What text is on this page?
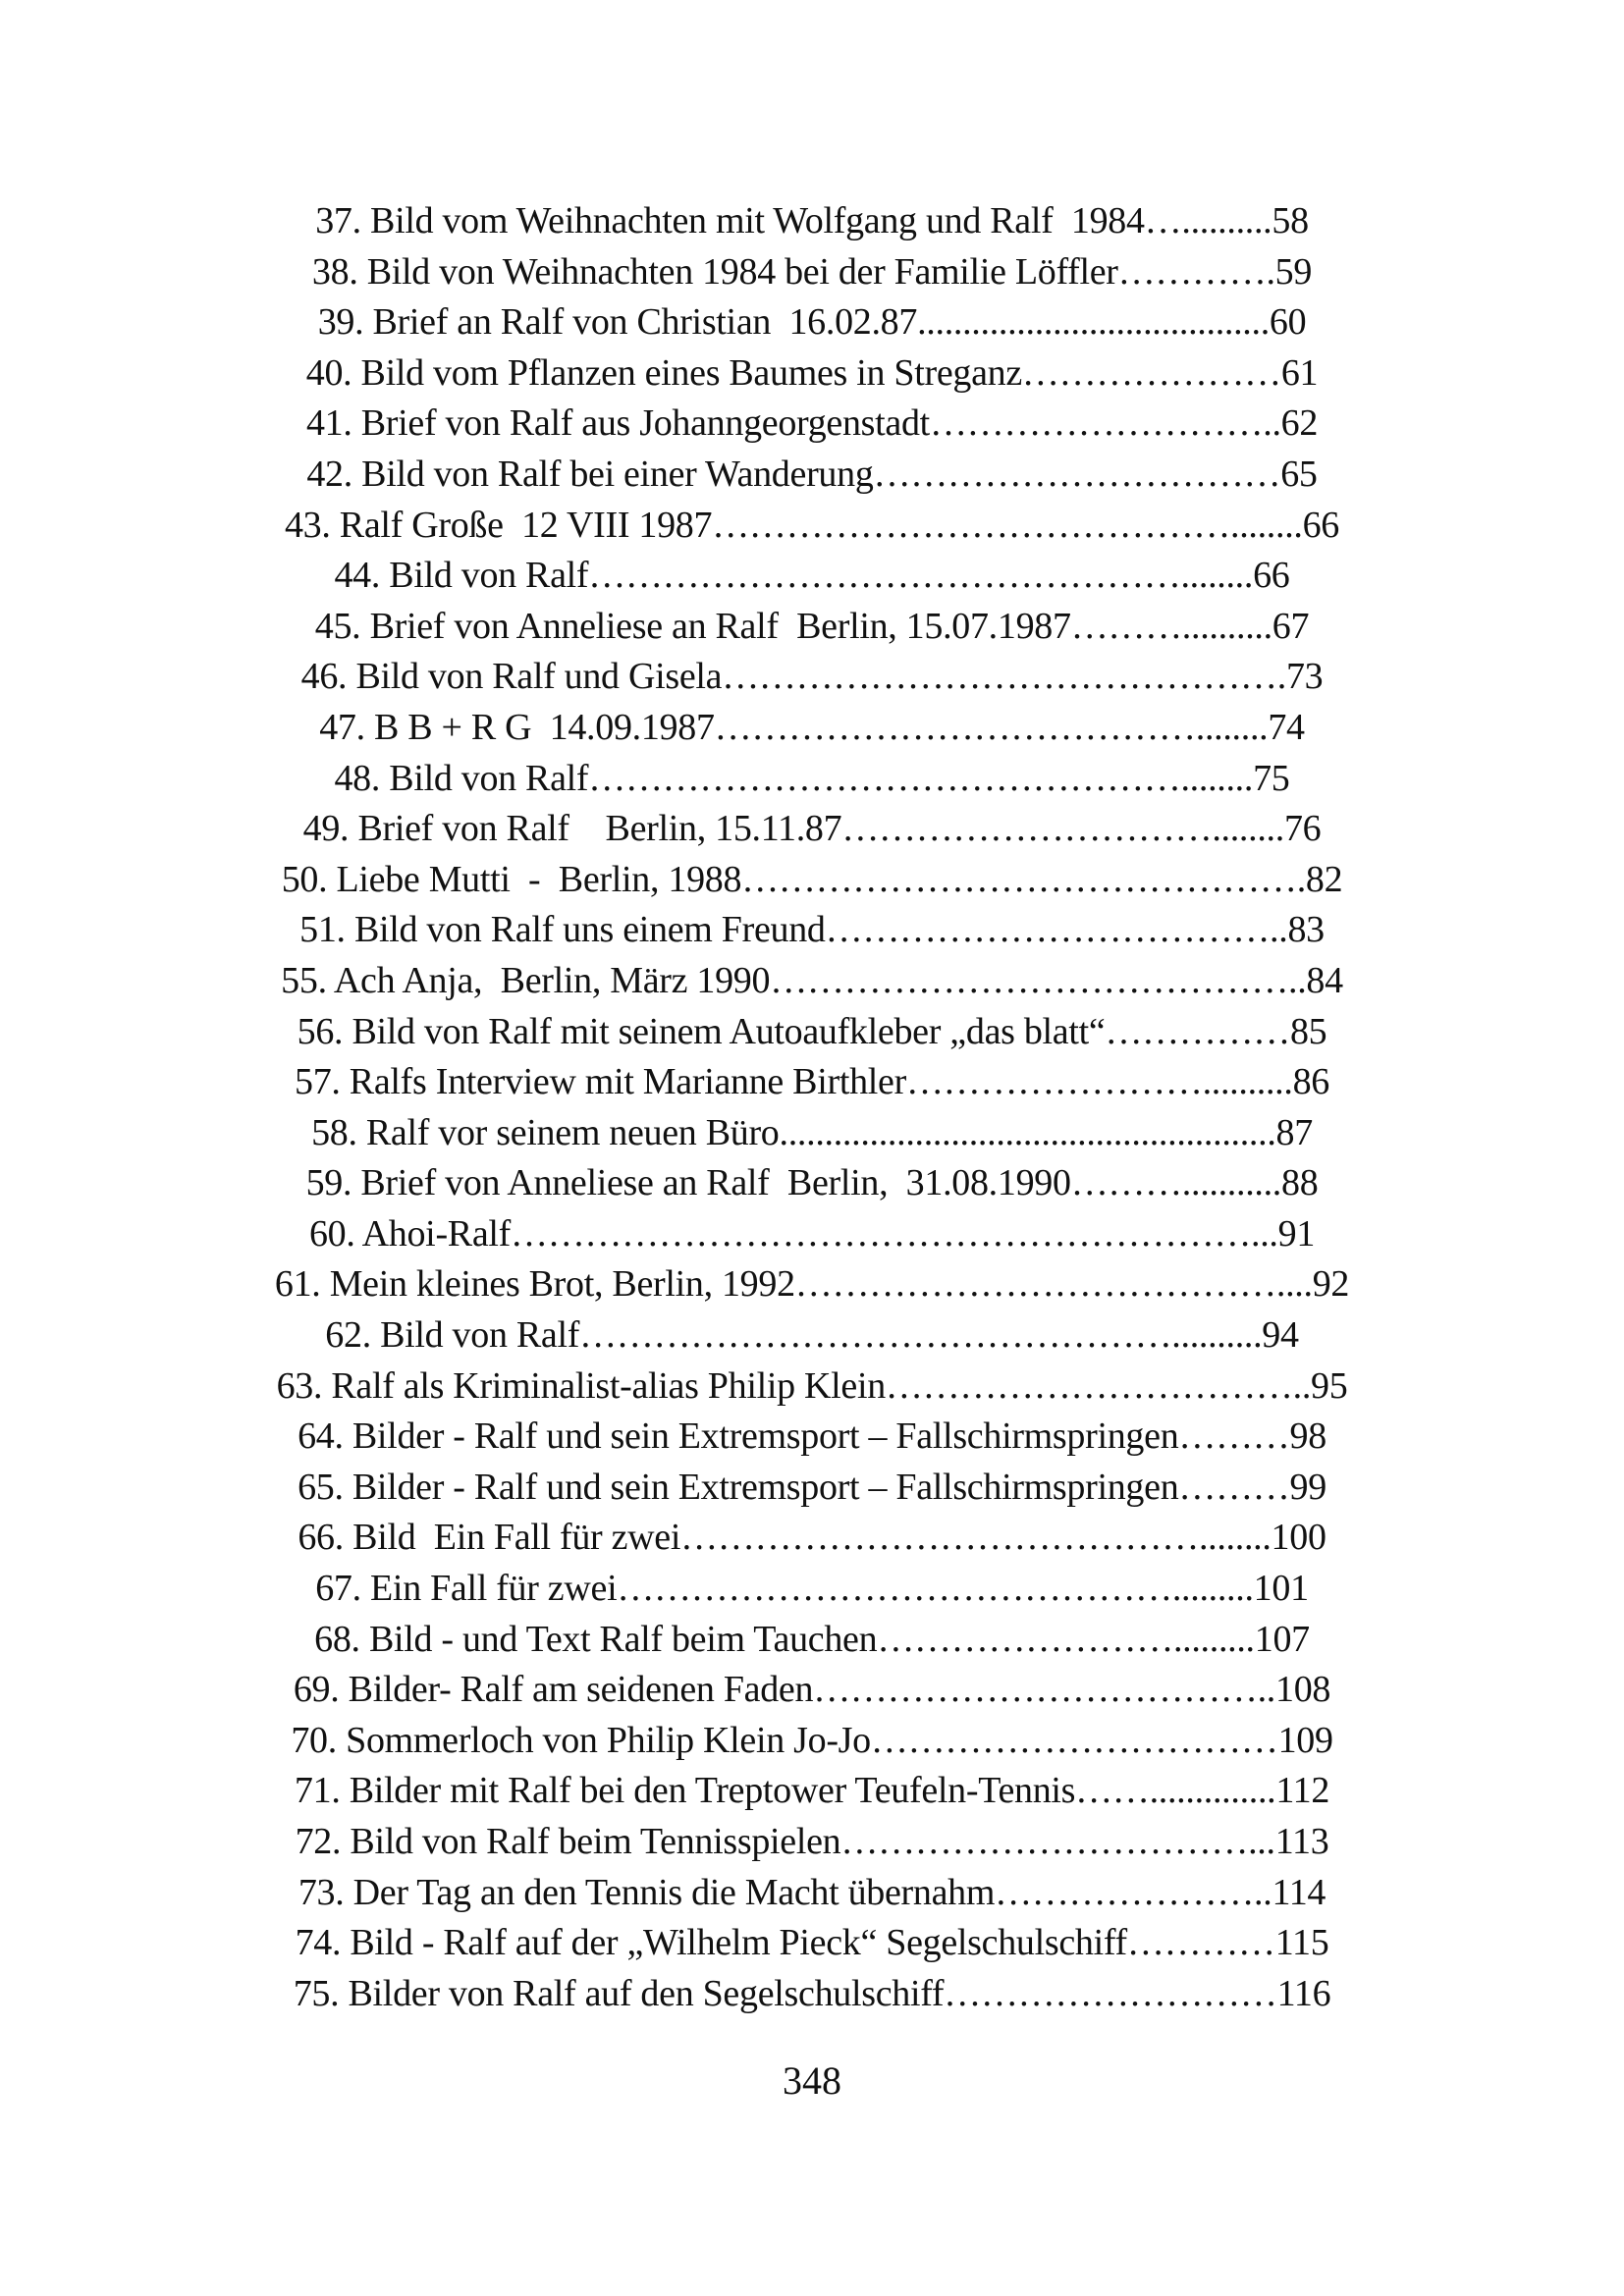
37. Bild vom Weihnachten mit Wolfgang und Ralf  1984…..........58
38. Bild von Weihnachten 1984 bei der Familie Löffler………….59
39. Brief an Ralf von Christian  16.02.87.......................................60
40. Bild vom Pflanzen eines Baumes in Streganz…………………61
41. Brief von Ralf aus Johanngeorgenstadt………………………..62
42. Bild von Ralf bei einer Wanderung……………………………65
43. Ralf Große  12 VIII 1987……………………………………........66
44. Bild von Ralf…………………………………………........66
45. Brief von Anneliese an Ralf  Berlin, 15.07.1987………..........67
46. Bild von Ralf und Gisela……………………………………….73
47. B B + R G  14.09.1987…………………………………........74
48. Bild von Ralf…………………………………………........75
49. Brief von Ralf    Berlin, 15.11.87…………………………........76
50. Liebe Mutti  -  Berlin, 1988……………………………………….82
51. Bild von Ralf uns einem Freund………………………………..83
55. Ach Anja,  Berlin, März 1990……………………………………..84
56. Bild von Ralf mit seinem Autoaufkleber „das blatt“……………85
57. Ralfs Interview mit Marianne Birthler……………………..........86
58. Ralf vor seinem neuen Büro.......................................................87
59. Brief von Anneliese an Ralf  Berlin,  31.08.1990………...........88
60. Ahoi-Ralf……………………………………………………...91
61. Mein kleines Brot, Berlin, 1992…………………………………....92
62. Bild von Ralf…………………………………………..........94
63. Ralf als Kriminalist-alias Philip Klein……………………………..95
64. Bilder - Ralf und sein Extremsport – Fallschirmspringen………98
65. Bilder - Ralf und sein Extremsport – Fallschirmspringen………99
66. Bild  Ein Fall für zwei……………………………………........100
67. Ein Fall für zwei……………………………………….........101
68. Bild - und Text Ralf beim Tauchen…………………….........107
69. Bilder- Ralf am seidenen Faden………………………………..108
70. Sommerloch von Philip Klein Jo-Jo……………………………109
71. Bilder mit Ralf bei den Treptower Teufeln-Tennis……..............112
72. Bild von Ralf beim Tennisspielen……………………………...113
73. Der Tag an den Tennis die Macht übernahm…………………..114
74. Bild - Ralf auf der „Wilhelm Pieck“ Segelschulschiff…………115
75. Bilder von Ralf auf den Segelschulschiff………………………116
348
